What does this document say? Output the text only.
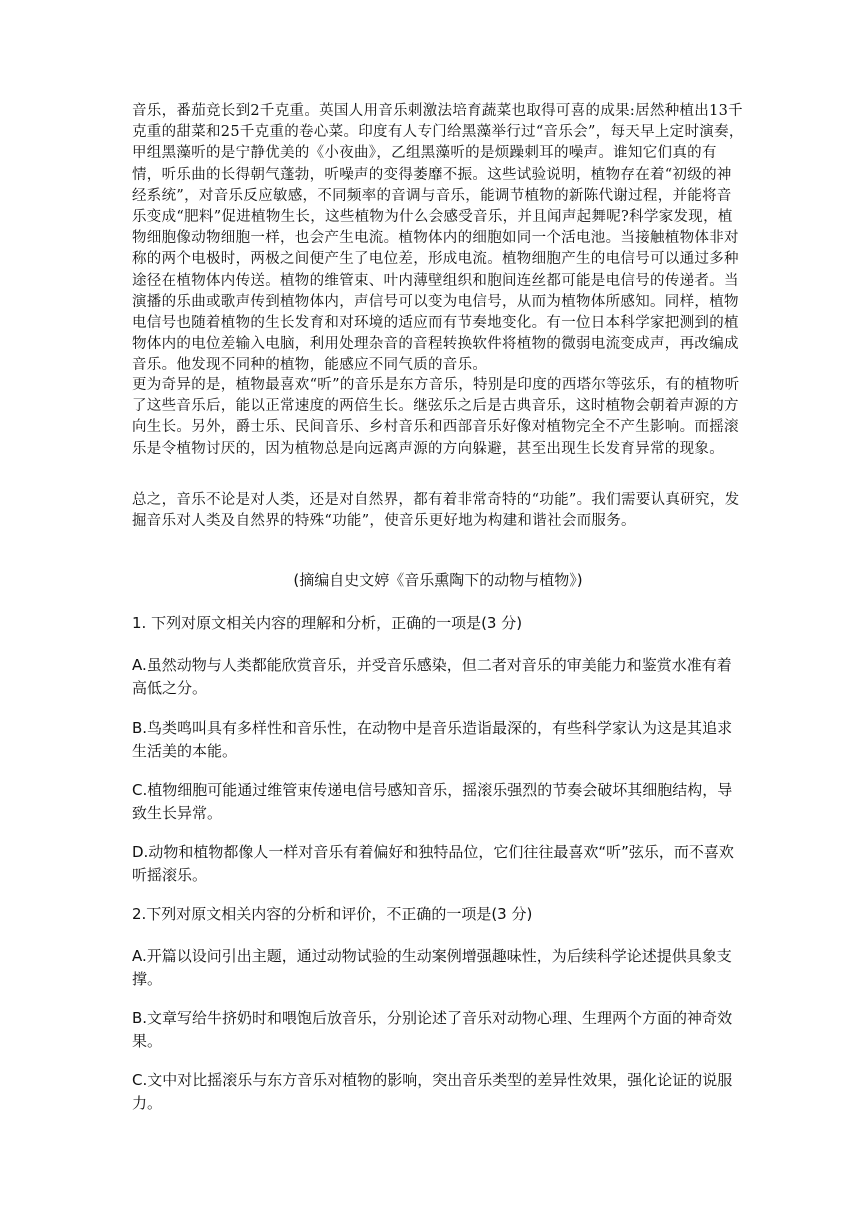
音乐，番茄竞长到2千克重。英国人用音乐刺激法培育蔬菜也取得可喜的成果:居然种植出13千克重的甜菜和25千克重的卷心菜。印度有人专门给黑藻举行过“音乐会”，每天早上定时演奏，甲组黑藻听的是宁静优美的《小夜曲》，乙组黑藻听的是烦躁刺耳的噪声。谁知它们真的有情，听乐曲的长得朝气蓬勃，听噪声的变得萎靡不振。这些试验说明，植物存在着“初级的神经系统”，对音乐反应敏感，不同频率的音调与音乐，能调节植物的新陈代谢过程，并能将音乐变成“肥料”促进植物生长，这些植物为什么会感受音乐，并且闻声起舞呢?科学家发现，植物细胞像动物细胞一样，也会产生电流。植物体内的细胞如同一个活电池。当接触植物体非对称的两个电极时，两极之间便产生了电位差，形成电流。植物细胞产生的电信号可以通过多种途径在植物体内传送。植物的维管束、叶内薄壁组织和胞间连丝都可能是电信号的传递者。当演播的乐曲或歌声传到植物体内，声信号可以变为电信号，从而为植物体所感知。同样，植物电信号也随着植物的生长发育和对环境的适应而有节奏地变化。有一位日本科学家把测到的植物体内的电位差输入电脑，利用处理杂音的音程转换软件将植物的微弱电流变成声，再改编成音乐。他发现不同种的植物，能感应不同气质的音乐。

更为奇异的是，植物最喜欢“听”的音乐是东方音乐，特别是印度的西塔尔等弦乐，有的植物听了这些音乐后，能以正常速度的两倍生长。继弦乐之后是古典音乐，这时植物会朝着声源的方向生长。另外，爵士乐、民间音乐、乡村音乐和西部音乐好像对植物完全不产生影响。而摇滚乐是令植物讨厌的，因为植物总是向远离声源的方向躲避，甚至出现生长发育异常的现象。

总之，音乐不论是对人类，还是对自然界，都有着非常奇特的“功能”。我们需要认真研究，发掘音乐对人类及自然界的特殊“功能”，使音乐更好地为构建和谐社会而服务。

(摘编自史文婷《音乐熏陶下的动物与植物》)

1. 下列对原文相关内容的理解和分析，正确的一项是(3 分)

A.虽然动物与人类都能欣赏音乐，并受音乐感染，但二者对音乐的审美能力和鉴赏水准有着高低之分。

B.鸟类鸣叫具有多样性和音乐性，在动物中是音乐造诣最深的，有些科学家认为这是其追求生活美的本能。

C.植物细胞可能通过维管束传递电信号感知音乐，摇滚乐强烈的节奏会破坏其细胞结构，导致生长异常。

D.动物和植物都像人一样对音乐有着偏好和独特品位，它们往往最喜欢“听”弦乐，而不喜欢听摇滚乐。

2.下列对原文相关内容的分析和评价，不正确的一项是(3 分)

A.开篇以设问引出主题，通过动物试验的生动案例增强趣味性，为后续科学论述提供具象支撑。

B.文章写给牛挤奶时和喂饱后放音乐，分别论述了音乐对动物心理、生理两个方面的神奇效果。

C.文中对比摇滚乐与东方音乐对植物的影响，突出音乐类型的差异性效果，强化论证的说服力。
